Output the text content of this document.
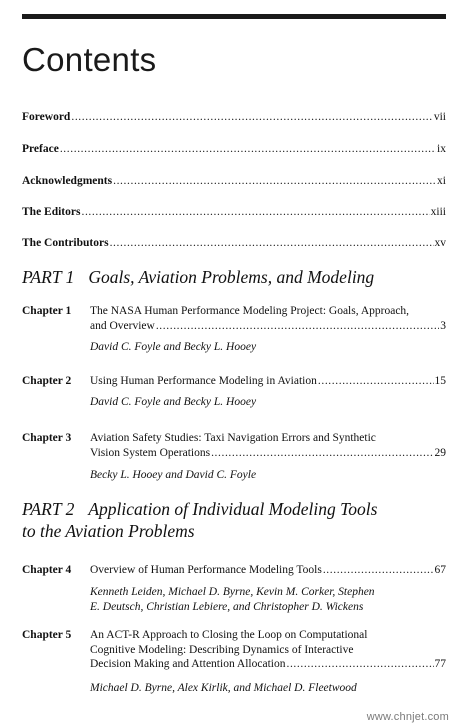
Contents
Foreword .....	vii
Preface .....	ix
Acknowledgments .....	xi
The Editors .....	xiii
The Contributors .....	xv
PART 1 Goals, Aviation Problems, and Modeling
Chapter 1 The NASA Human Performance Modeling Project: Goals, Approach,
and Overview .....	3
David C. Foyle and Becky L. Hooey
Chapter 2 Using Human Performance Modeling in Aviation .....	15
David C. Foyle and Becky L. Hooey
Chapter 3 Aviation Safety Studies: Taxi Navigation Errors and Synthetic
Vision System Operations .....	29
Becky L. Hooey and David C. Foyle
PART 2 Application of Individual Modeling Tools
to the Aviation Problems
Chapter 4 Overview of Human Performance Modeling Tools .....	67
Kenneth Leiden, Michael D. Byrne, Kevin M. Corker, Stephen
E. Deutsch, Christian Lebiere, and Christopher D. Wickens
Chapter 5 An ACT-R Approach to Closing the Loop on Computational
Cognitive Modeling: Describing Dynamics of Interactive
Decision Making and Attention Allocation .....	77
Michael D. Byrne, Alex Kirlik, and Michael D. Fleetwood
www.chnjet.com
